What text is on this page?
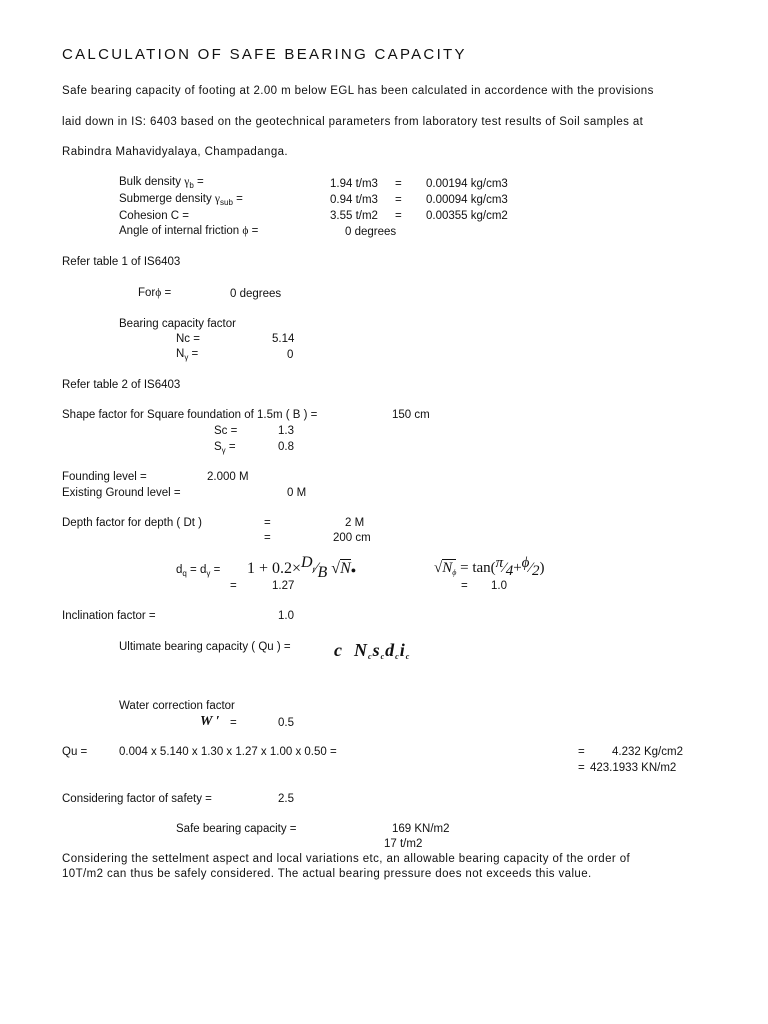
CALCULATION OF SAFE BEARING CAPACITY
Safe bearing capacity of footing at 2.00 m below EGL has been calculated in accordence with the provisions
laid down in IS: 6403 based on the geotechnical parameters from laboratory test results of Soil samples at
Rabindra Mahavidyalaya, Champadanga.
Bulk density $\gamma_b$ =	1.94 t/m3 = 0.00194 kg/cm3
Submerge density $\gamma_{sub}$ =	0.94 t/m3 = 0.00094 kg/cm3
Cohesion C =	3.55 t/m2 = 0.00355 kg/cm2
Angle of internal friction ϕ =	0 degrees
Refer table 1 of IS6403
Forϕ =	0 degrees
Bearing capacity factor
Nc =	5.14
$N_\gamma$ =	0
Refer table 2 of IS6403
Shape factor for Square foundation of 1.5m ( B ) =	150 cm
Sc =	1.3
$S_\gamma$ =	0.8
Founding level =	2.000 M
Existing Ground level =	0 M
Depth factor for depth ( Dt )	=	2 M
=	200 cm
$d_q = d_\gamma = 1$ + $0.2\times D_t⁄B$ √N●
=	1.27
$√N_\phi$ = tan(π⁄4+ϕ⁄2)
= 1.0
Inclination factor =	1.0
Ultimate bearing capacity ( Qu ) = c $N_cs_cd_ci_c$
Water correction factor
W ′ =	0.5
Qu =	0.004 x 5.140 x 1.30 x 1.27 x 1.00 x 0.50 =	= 4.232 Kg/cm2
= 423.1933 KN/m2
Considering factor of safety =	2.5
Safe bearing capacity =	169 KN/m2
17 t/m2
Considering the settelment aspect and local variations etc, an allowable bearing capacity of the order of
10T/m2 can thus be safely considered. The actual bearing pressure does not exceeds this value.
